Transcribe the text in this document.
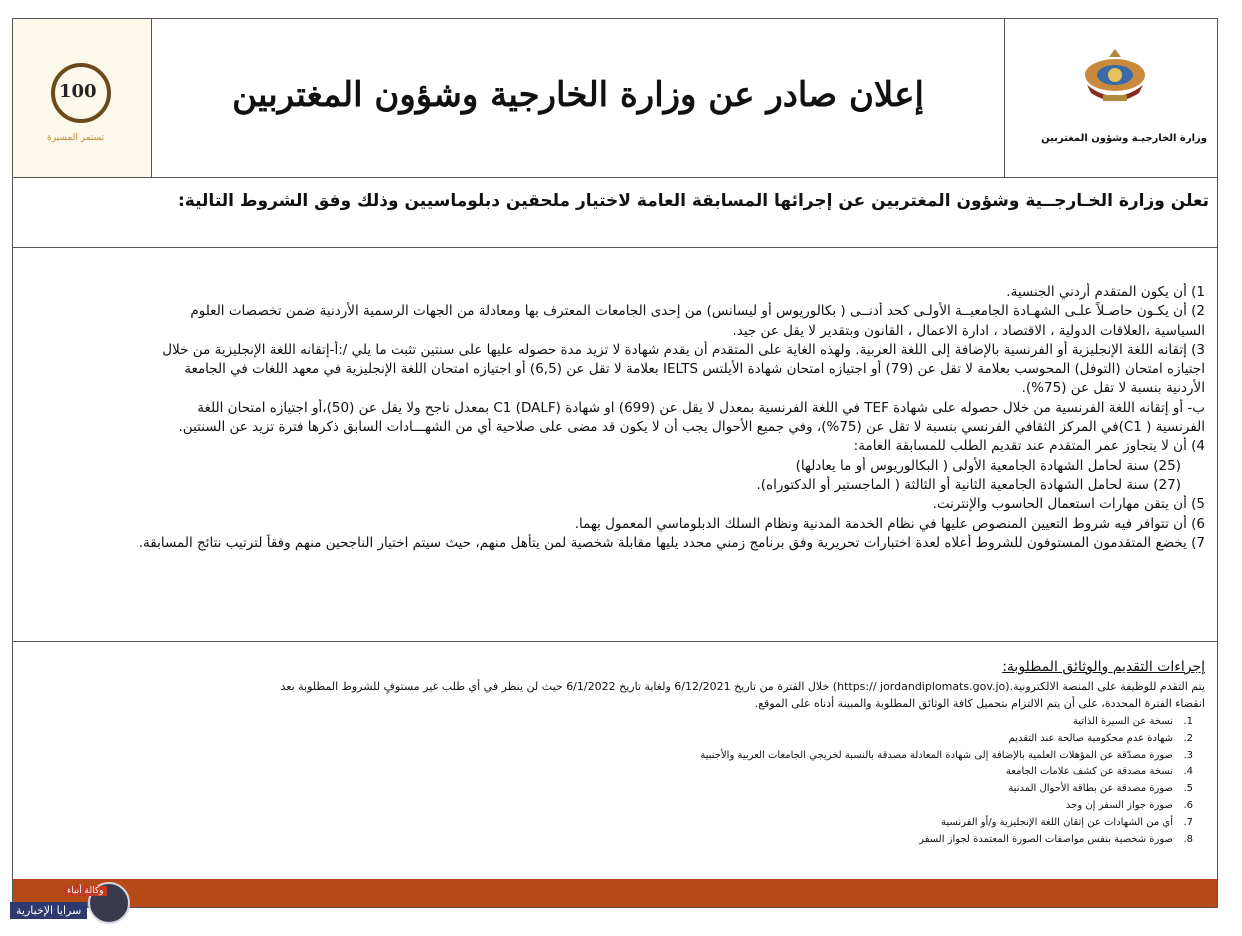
100
تستمر المسيرة
إعلان صادر عن وزارة الخارجية وشؤون المغتربين
وزارة الخارجيـة وشؤون المغتربين
تعلن وزارة الخـارجــية وشؤون المغتربين عن إجرائها المسابقة العامة لاختيار ملحقين دبلوماسيين وذلك وفق الشروط التالية:
1) أن يكون المتقدم أردني الجنسية.
2) أن يكـون حاصـلاً علـى الشهـادة الجامعيــة الأولـى كحد أدنــى ( بكالوريوس أو ليسانس) من إحدى الجامعات المعترف بها ومعادلة من الجهات الرسمية الأردنية ضمن تخصصات العلوم
السياسية ،العلاقات الدولية ، الاقتصاد ، ادارة الاعمال ، القانون وبتقدير لا يقل عن جيد.
3) إتقانه اللغة الإنجليزية أو الفرنسية بالإضافة إلى اللغة العربية. ولهذه الغاية على المتقدم أن يقدم شهادة لا تزيد مدة حصوله عليها على سنتين تثبت ما يلي /:أ-إتقانه اللغة الإنجليزية من خلال
اجتيازه امتحان (التوفل) المحوسب بعلامة لا تقل عن (79) أو اجتيازه امتحان شهادة الأيلتس IELTS بعلامة لا تقل عن (6,5) أو اجتيازه امتحان اللغة الإنجليزية في معهد اللغات في الجامعة
الأردنية بنسبة لا تقل عن (75%).
ب- أو إتقانه اللغة الفرنسية من خلال حصوله على شهادة TEF في اللغة الفرنسية بمعدل لا يقل عن (699) او شهادة (DALF) C1 بمعدل ناجح ولا يقل عن (50)،أو اجتيازه امتحان اللغة
الفرنسية ( C1)في المركز الثقافي الفرنسي بنسبة لا تقل عن (75%)، وفي جميع الأحوال يجب أن لا يكون قد مضى على صلاحية أي من الشهـــادات السابق ذكرها فترة تزيد عن السنتين.
4) أن لا يتجاوز عمر المتقدم عند تقديم الطلب للمسابقة العامة:
(25) سنة لحامل الشهادة الجامعية الأولى ( البكالوريوس أو ما يعادلها)
(27) سنة لحامل الشهادة الجامعية الثانية أو الثالثة ( الماجستير أو الدكتوراه).
5) أن يتقن مهارات استعمال الحاسوب والإنترنت.
6) أن تتوافر فيه شروط التعيين المنصوص عليها في نظام الخدمة المدنية ونظام السلك الدبلوماسي المعمول بهما.
7) يخضع المتقدمون المستوفون للشروط أعلاه لعدة اختبارات تحريرية وفق برنامج زمني محدد يليها مقابلة شخصية لمن يتأهل منهم، حيث سيتم اختيار الناجحين منهم وفقاً لترتيب نتائج المسابقة.
إجراءات التقديم والوثائق المطلوبة:
يتم التقدم للوظيفة على المنصة الالكترونية.(https:// jordandiplomats.gov.jo) خلال الفترة من تاريخ 6/12/2021 ولغاية تاريخ 6/1/2022 حيث لن ينظر في أي طلب غير مستوفٍ للشروط المطلوبة بعد
انقضاء الفترة المحددة، على أن يتم الالتزام بتحميل كافة الوثائق المطلوبة والمبينة أدناه على الموقع.
1.نسخة عن السيرة الذاتية
2.شهادة عدم محكومية صالحة عند التقديم
3.صورة مصدّقة عن المؤهلات العلمية بالإضافة إلى شهادة المعادلة مصدقة بالنسبة لخريجي الجامعات العربية والأجنبية
4.نسخة مصدقة عن كشف علامات الجامعة
5.صورة مصدقة عن بطاقة الأحوال المدنية
6.صورة جواز السفر إن وجد
7.أي من الشهادات عن إتقان اللغة الإنجليزية و/أو الفرنسية
8.صورة شخصية بنفس مواصفات الصورة المعتمدة لجواز السفر
وكالة أنباء
سرايا الإخبارية
